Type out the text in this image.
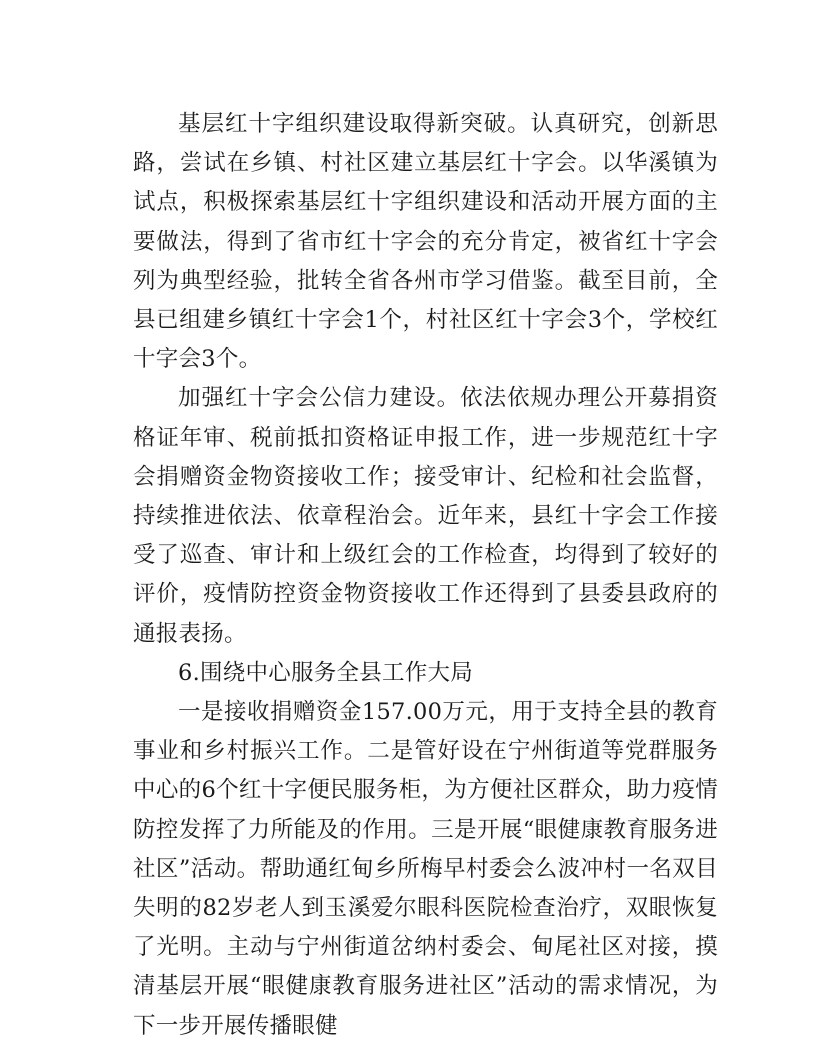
基层红十字组织建设取得新突破。认真研究，创新思路，尝试在乡镇、村社区建立基层红十字会。以华溪镇为试点，积极探索基层红十字组织建设和活动开展方面的主要做法，得到了省市红十字会的充分肯定，被省红十字会列为典型经验，批转全省各州市学习借鉴。截至目前，全县已组建乡镇红十字会1个，村社区红十字会3个，学校红十字会3个。

加强红十字会公信力建设。依法依规办理公开募捐资格证年审、税前抵扣资格证申报工作，进一步规范红十字会捐赠资金物资接收工作；接受审计、纪检和社会监督，持续推进依法、依章程治会。近年来，县红十字会工作接受了巡查、审计和上级红会的工作检查，均得到了较好的评价，疫情防控资金物资接收工作还得到了县委县政府的通报表扬。

6.围绕中心服务全县工作大局

一是接收捐赠资金157.00万元，用于支持全县的教育事业和乡村振兴工作。二是管好设在宁州街道等党群服务中心的6个红十字便民服务柜，为方便社区群众，助力疫情防控发挥了力所能及的作用。三是开展“眼健康教育服务进社区”活动。帮助通红甸乡所梅早村委会么波冲村一名双目失明的82岁老人到玉溪爱尔眼科医院检查治疗，双眼恢复了光明。主动与宁州街道岔纳村委会、甸尾社区对接，摸清基层开展“眼健康教育服务进社区”活动的需求情况，为下一步开展传播眼健
